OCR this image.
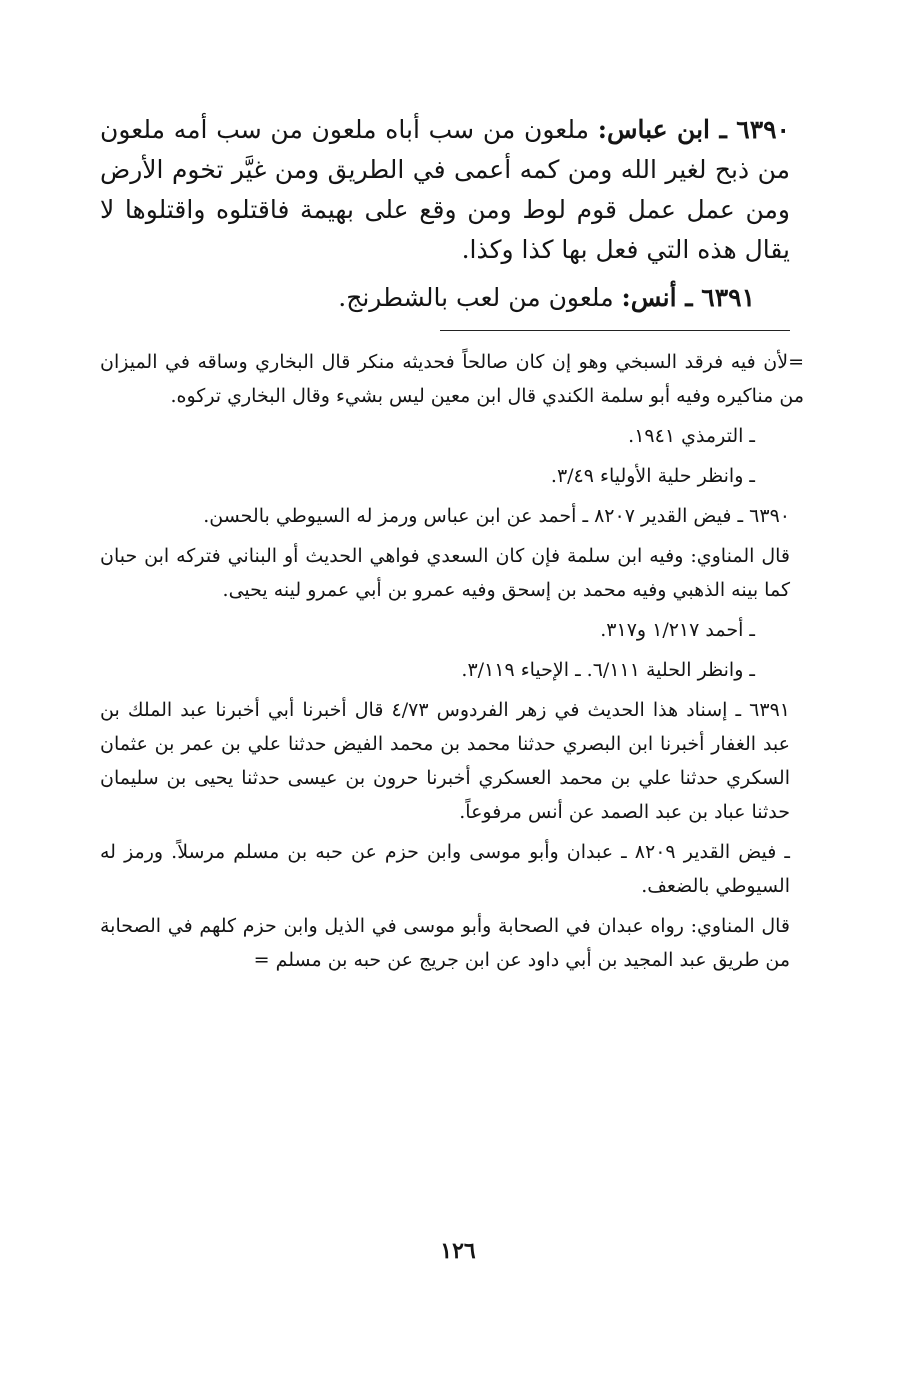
٦٣٩٠ ـ ابن عباس: ملعون من سب أباه ملعون من سب أمه ملعون من ذبح لغير الله ومن كمه أعمى في الطريق ومن غيَّر تخوم الأرض ومن عمل عمل قوم لوط ومن وقع على بهيمة فاقتلوه واقتلوها لا يقال هذه التي فعل بها كذا وكذا.

٦٣٩١ ـ أنس: ملعون من لعب بالشطرنج.

=لأن فيه فرقد السبخي وهو إن كان صالحاً فحديثه منكر قال البخاري وساقه في الميزان من مناكيره وفيه أبو سلمة الكندي قال ابن معين ليس بشيء وقال البخاري تركوه.

ـ الترمذي ١٩٤١.

ـ وانظر حلية الأولياء ٣/٤٩.

٦٣٩٠ ـ فيض القدير ٨٢٠٧ ـ أحمد عن ابن عباس ورمز له السيوطي بالحسن.

قال المناوي: وفيه ابن سلمة فإن كان السعدي فواهي الحديث أو البناني فتركه ابن حبان كما بينه الذهبي وفيه محمد بن إسحق وفيه عمرو بن أبي عمرو لينه يحيى.

ـ أحمد ١/٢١٧ و٣١٧.

ـ وانظر الحلية ٦/١١١. ـ الإحياء ٣/١١٩.

٦٣٩١ ـ إسناد هذا الحديث في زهر الفردوس ٤/٧٣ قال أخبرنا أبي أخبرنا عبد الملك بن عبد الغفار أخبرنا ابن البصري حدثنا محمد بن محمد الفيض حدثنا علي بن عمر بن عثمان السكري حدثنا علي بن محمد العسكري أخبرنا حرون بن عيسى حدثنا يحيى بن سليمان حدثنا عباد بن عبد الصمد عن أنس مرفوعاً.

ـ فيض القدير ٨٢٠٩ ـ عبدان وأبو موسى وابن حزم عن حبه بن مسلم مرسلاً. ورمز له السيوطي بالضعف.

قال المناوي: رواه عبدان في الصحابة وأبو موسى في الذيل وابن حزم كلهم في الصحابة من طريق عبد المجيد بن أبي داود عن ابن جريج عن حبه بن مسلم =

١٢٦
